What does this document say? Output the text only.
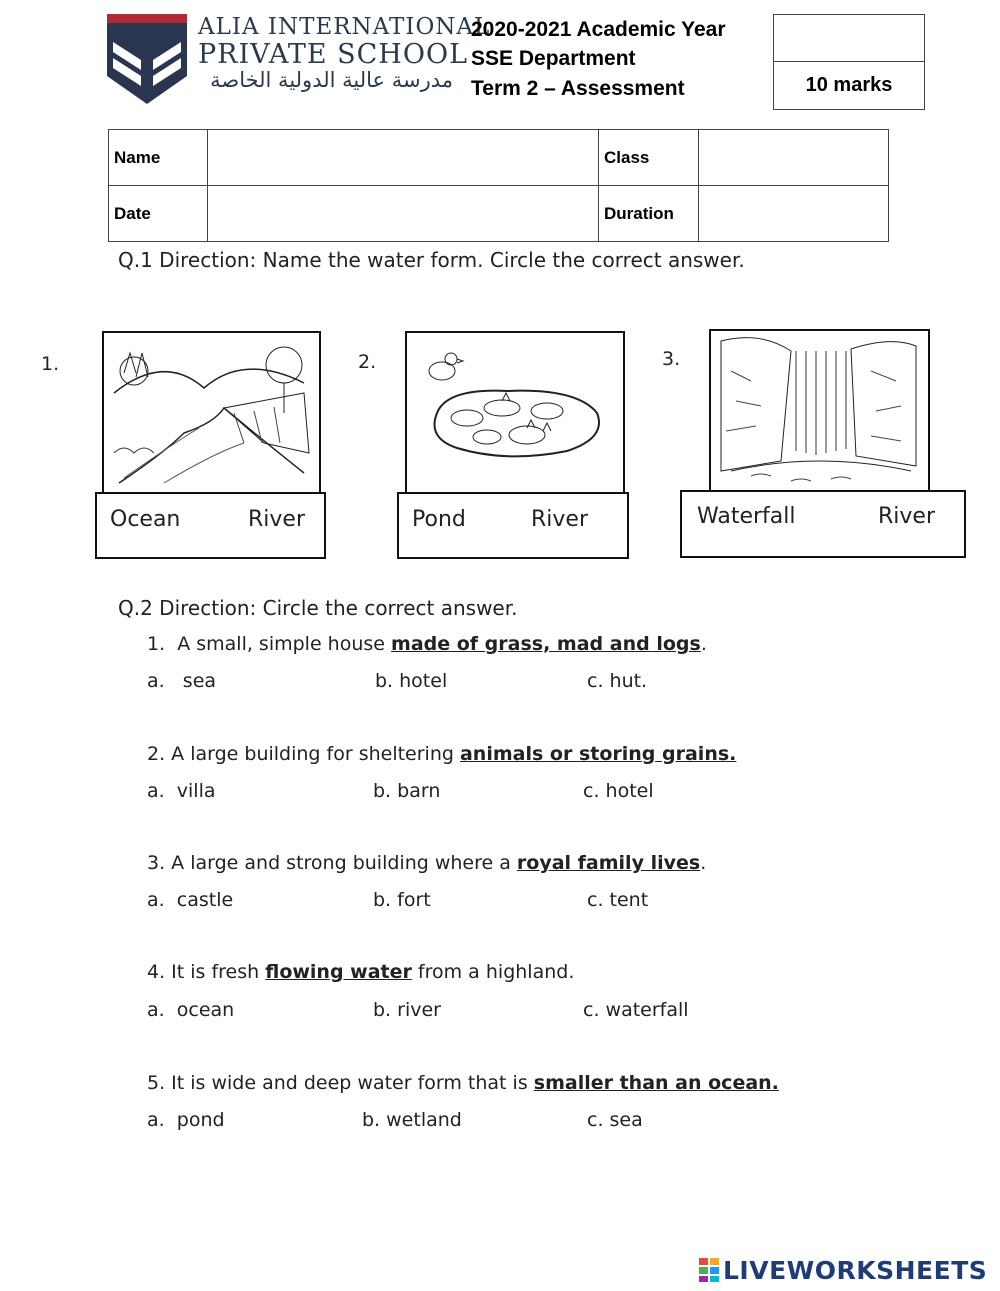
ALIA INTERNATIONAL
PRIVATE SCHOOL
مدرسة عالية الدولية الخاصة
2020-2021 Academic Year
SSE Department
Term 2 – Assessment	10 marks
Name		Class	
Date		Duration	
Q.1 Direction: Name the water form. Circle the correct answer.
1.
Ocean	River
2.
Pond	River
3.
Waterfall	River
Q.2 Direction: Circle the correct answer.
1.  A small, simple house made of grass, mad and logs.
a.   sea	b. hotel	c. hut.
2. A large building for sheltering animals or storing grains.
a.  villa	b. barn	c. hotel
3. A large and strong building where a royal family lives.
a.  castle	b. fort	c. tent
4. It is fresh flowing water from a highland.
a.  ocean	b. river	c. waterfall
5. It is wide and deep water form that is smaller than an ocean.
a.  pond	b. wetland	c. sea
LIVEWORKSHEETS
